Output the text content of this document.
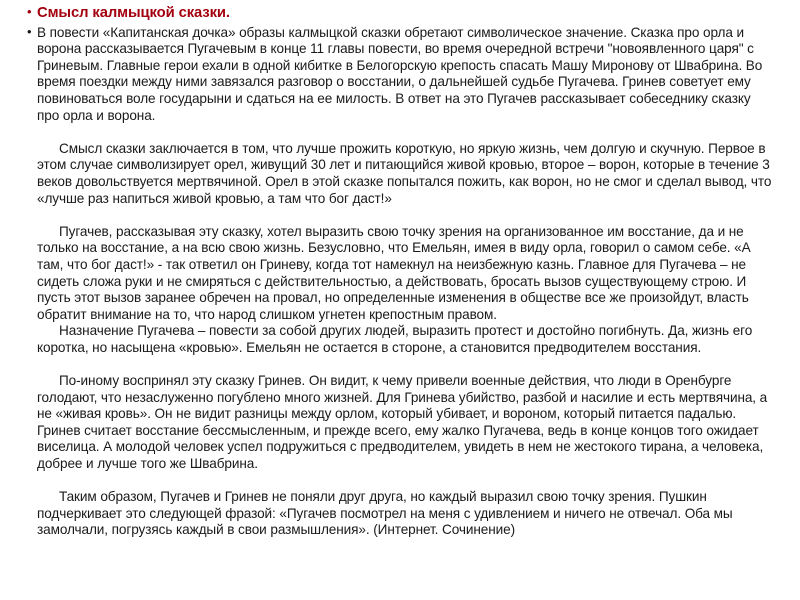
• Смысл калмыцкой сказки.

• В повести «Капитанская дочка» образы калмыцкой сказки обретают символическое значение. Сказка про орла и ворона рассказывается Пугачевым в конце 11 главы повести, во время очередной встречи "новоявленного царя" с Гриневым. Главные герои ехали в одной кибитке в Белогорскую крепость спасать Машу Миронову от Швабрина. Во время поездки между ними завязался разговор о восстании, о дальнейшей судьбе Пугачева. Гринев советует ему повиноваться воле государыни и сдаться на ее милость. В ответ на это Пугачев рассказывает собеседнику сказку про орла и ворона.

Смысл сказки заключается в том, что лучше прожить короткую, но яркую жизнь, чем долгую и скучную. Первое в этом случае символизирует орел, живущий 30 лет и питающийся живой кровью, второе – ворон, которые в течение 3 веков довольствуется мертвячиной. Орел в этой сказке попытался пожить, как ворон, но не смог и сделал вывод, что «лучше раз напиться живой кровью, а там что бог даст!»

Пугачев, рассказывая эту сказку, хотел выразить свою точку зрения на организованное им восстание, да и не только на восстание, а на всю свою жизнь. Безусловно, что Емельян, имея в виду орла, говорил о самом себе. «А там, что бог даст!» - так ответил он Гриневу, когда тот намекнул на неизбежную казнь. Главное для Пугачева – не сидеть сложа руки и не смиряться с действительностью, а действовать, бросать вызов существующему строю. И пусть этот вызов заранее обречен на провал, но определенные изменения в обществе все же произойдут, власть обратит внимание на то, что народ слишком угнетен крепостным правом.

Назначение Пугачева – повести за собой других людей, выразить протест и достойно погибнуть. Да, жизнь его коротка, но насыщена «кровью». Емельян не остается в стороне, а становится предводителем восстания.

По-иному воспринял эту сказку Гринев. Он видит, к чему привели военные действия, что люди в Оренбурге голодают, что незаслуженно погублено много жизней. Для Гринева убийство, разбой и насилие и есть мертвячина, а не «живая кровь». Он не видит разницы между орлом, который убивает, и вороном, который питается падалью. Гринев считает восстание бессмысленным, и прежде всего, ему жалко Пугачева, ведь в конце концов того ожидает виселица. А молодой человек успел подружиться с предводителем, увидеть в нем не жестокого тирана, а человека, добрее и лучше того же Швабрина.

Таким образом, Пугачев и Гринев не поняли друг друга, но каждый выразил свою точку зрения. Пушкин подчеркивает это следующей фразой: «Пугачев посмотрел на меня с удивлением и ничего не отвечал. Оба мы замолчали, погрузясь каждый в свои размышления». (Интернет. Сочинение)
